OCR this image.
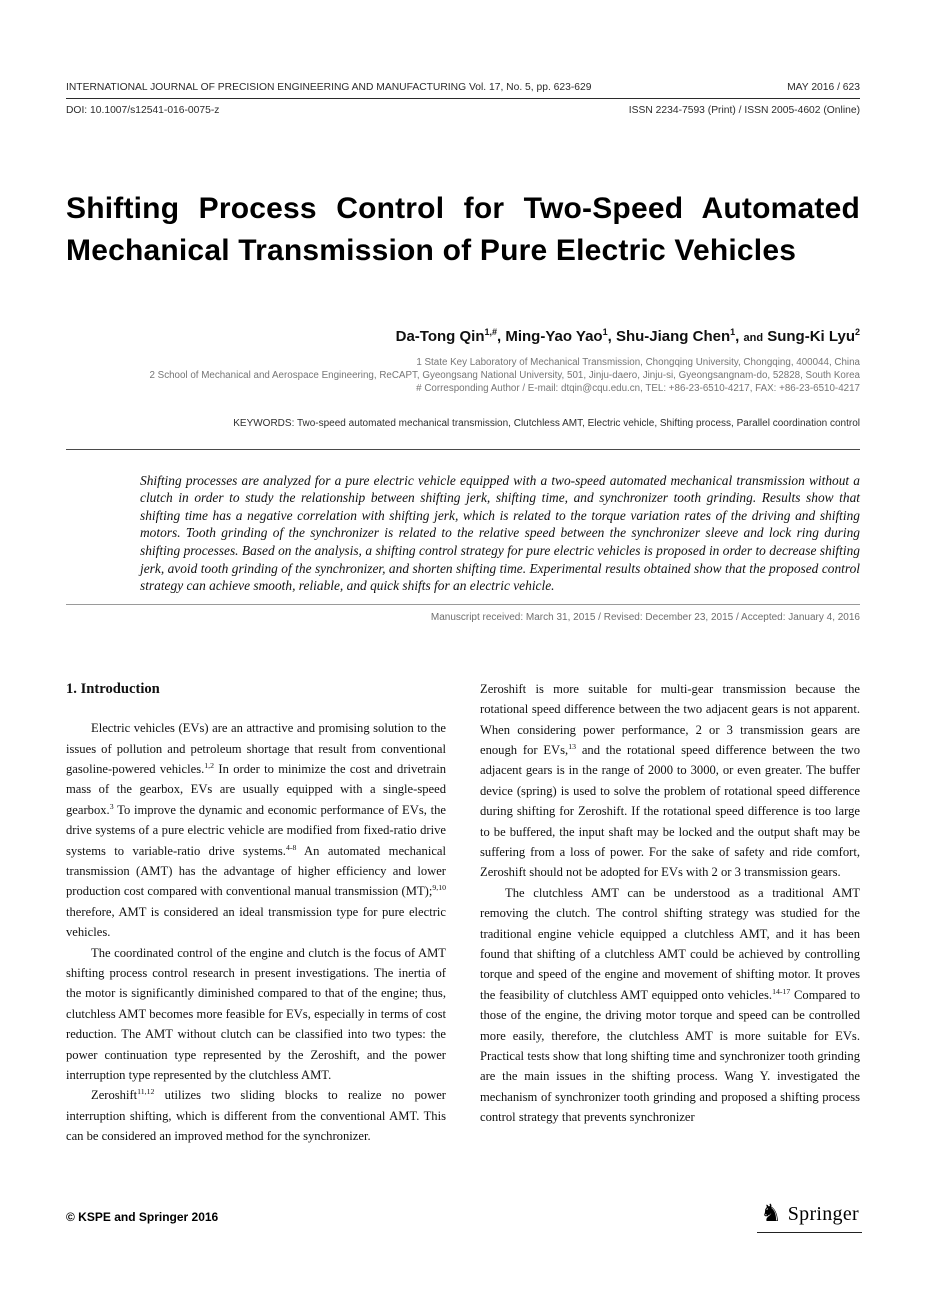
INTERNATIONAL JOURNAL OF PRECISION ENGINEERING AND MANUFACTURING Vol. 17, No. 5, pp. 623-629	MAY 2016 / 623
DOI: 10.1007/s12541-016-0075-z	ISSN 2234-7593 (Print) / ISSN 2005-4602 (Online)
Shifting Process Control for Two-Speed Automated
Mechanical Transmission of Pure Electric Vehicles
Da-Tong Qin$^{1,\#}$, Ming-Yao Yao$^1$, Shu-Jiang Chen$^1$, and Sung-Ki Lyu$^2$
1 State Key Laboratory of Mechanical Transmission, Chongqing University, Chongqing, 400044, China
2 School of Mechanical and Aerospace Engineering, ReCAPT, Gyeongsang National University, 501, Jinju-daero, Jinju-si, Gyeongsangnam-do, 52828, South Korea
# Corresponding Author / E-mail: dtqin@cqu.edu.cn, TEL: +86-23-6510-4217, FAX: +86-23-6510-4217
KEYWORDS: Two-speed automated mechanical transmission, Clutchless AMT, Electric vehicle, Shifting process, Parallel coordination control

Shifting processes are analyzed for a pure electric vehicle equipped with a two-speed automated mechanical transmission without a clutch in order to study the relationship between shifting jerk, shifting time, and synchronizer tooth grinding. Results show that shifting time has a negative correlation with shifting jerk, which is related to the torque variation rates of the driving and shifting motors. Tooth grinding of the synchronizer is related to the relative speed between the synchronizer sleeve and lock ring during shifting processes. Based on the analysis, a shifting control strategy for pure electric vehicles is proposed in order to decrease shifting jerk, avoid tooth grinding of the synchronizer, and shorten shifting time. Experimental results obtained show that the proposed control strategy can achieve smooth, reliable, and quick shifts for an electric vehicle.

Manuscript received: March 31, 2015 / Revised: December 23, 2015 / Accepted: January 4, 2016
1. Introduction

Electric vehicles (EVs) are an attractive and promising solution to the issues of pollution and petroleum shortage that result from conventional gasoline-powered vehicles.$^{1,2}$ In order to minimize the cost and drivetrain mass of the gearbox, EVs are usually equipped with a single-speed gearbox.$^3$ To improve the dynamic and economic performance of EVs, the drive systems of a pure electric vehicle are modified from fixed-ratio drive systems to variable-ratio drive systems.$^{4-8}$ An automated mechanical transmission (AMT) has the advantage of higher efficiency and lower production cost compared with conventional manual transmission (MT);$^{9,10}$ therefore, AMT is considered an ideal transmission type for pure electric vehicles.

The coordinated control of the engine and clutch is the focus of AMT shifting process control research in present investigations. The inertia of the motor is significantly diminished compared to that of the engine; thus, clutchless AMT becomes more feasible for EVs, especially in terms of cost reduction. The AMT without clutch can be classified into two types: the power continuation type represented by the Zeroshift, and the power interruption type represented by the clutchless AMT.

Zeroshift$^{11,12}$ utilizes two sliding blocks to realize no power interruption shifting, which is different from the conventional AMT. This can be considered an improved method for the synchronizer.

Zeroshift is more suitable for multi-gear transmission because the rotational speed difference between the two adjacent gears is not apparent. When considering power performance, 2 or 3 transmission gears are enough for EVs,$^{13}$ and the rotational speed difference between the two adjacent gears is in the range of 2000 to 3000, or even greater. The buffer device (spring) is used to solve the problem of rotational speed difference during shifting for Zeroshift. If the rotational speed difference is too large to be buffered, the input shaft may be locked and the output shaft may be suffering from a loss of power. For the sake of safety and ride comfort, Zeroshift should not be adopted for EVs with 2 or 3 transmission gears.

The clutchless AMT can be understood as a traditional AMT removing the clutch. The control shifting strategy was studied for the traditional engine vehicle equipped a clutchless AMT, and it has been found that shifting of a clutchless AMT could be achieved by controlling torque and speed of the engine and movement of shifting motor. It proves the feasibility of clutchless AMT equipped onto vehicles.$^{14-17}$ Compared to those of the engine, the driving motor torque and speed can be controlled more easily, therefore, the clutchless AMT is more suitable for EVs. Practical tests show that long shifting time and synchronizer tooth grinding are the main issues in the shifting process. Wang Y. investigated the mechanism of synchronizer tooth grinding and proposed a shifting process control strategy that prevents synchronizer

© KSPE and Springer 2016	♞ Springer
